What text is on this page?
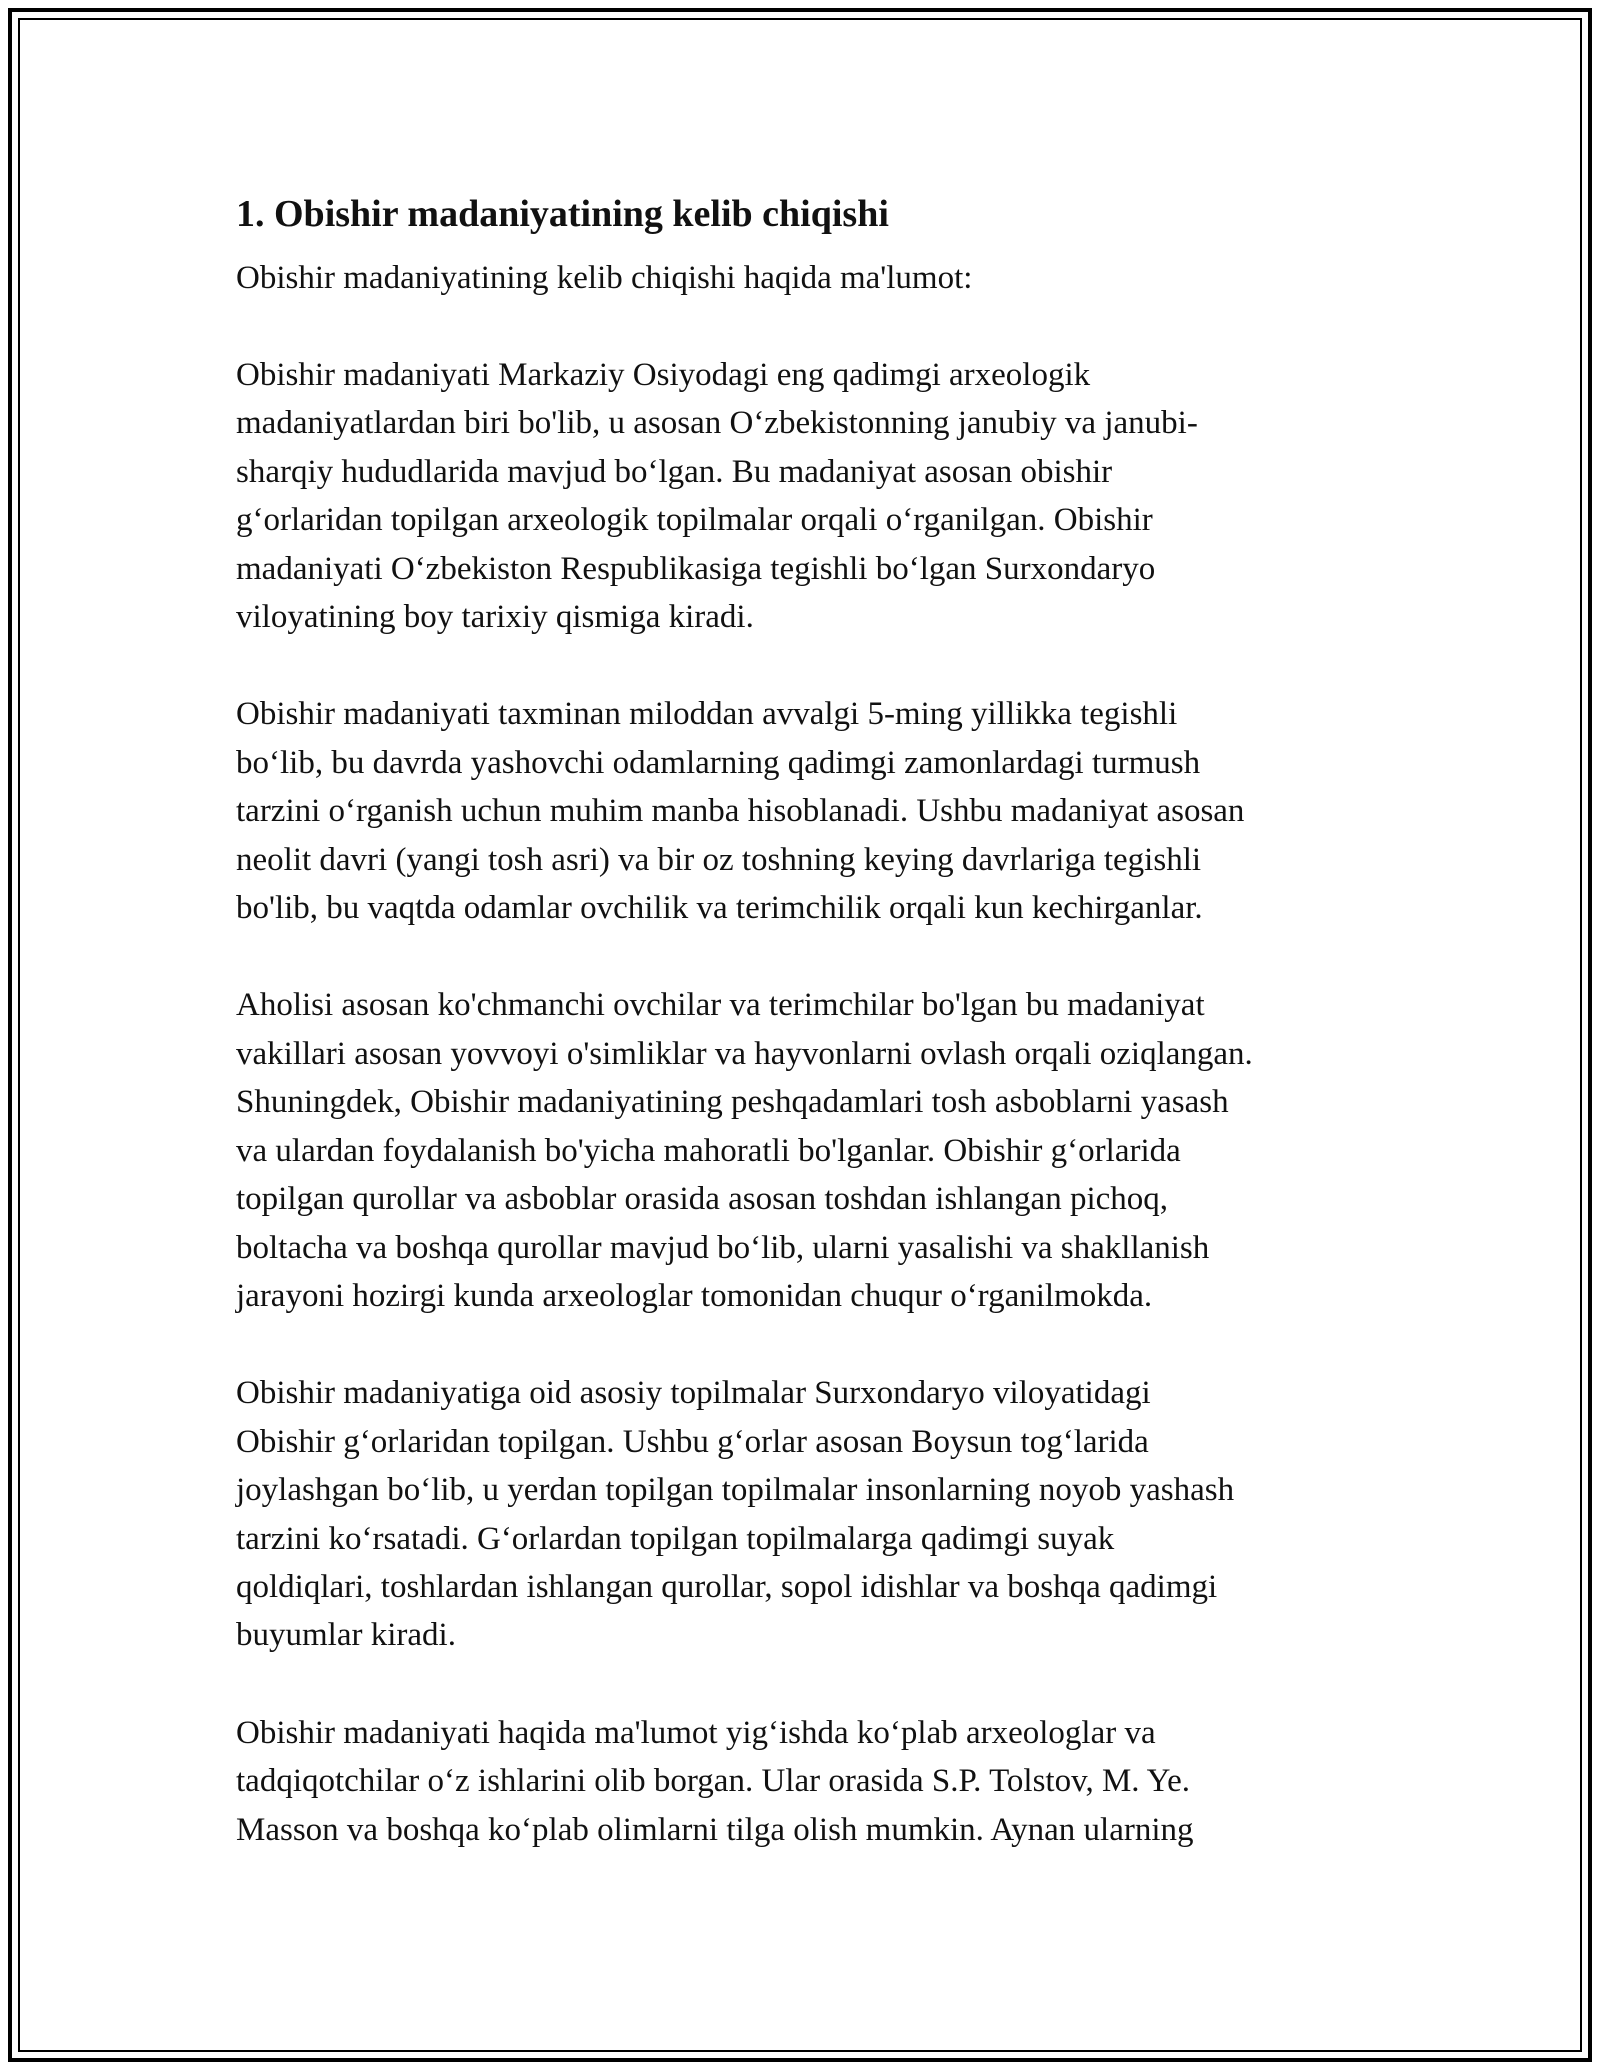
1. Obishir madaniyatining kelib chiqishi

Obishir madaniyatining kelib chiqishi haqida ma'lumot:

Obishir madaniyati Markaziy Osiyodagi eng qadimgi arxeologik
madaniyatlardan biri bo'lib, u asosan O‘zbekistonning janubiy va janubi-
sharqiy hududlarida mavjud bo‘lgan. Bu madaniyat asosan obishir
g‘orlaridan topilgan arxeologik topilmalar orqali o‘rganilgan. Obishir
madaniyati O‘zbekiston Respublikasiga tegishli bo‘lgan Surxondaryo
viloyatining boy tarixiy qismiga kiradi.

Obishir madaniyati taxminan miloddan avvalgi 5-ming yillikka tegishli
bo‘lib, bu davrda yashovchi odamlarning qadimgi zamonlardagi turmush
tarzini o‘rganish uchun muhim manba hisoblanadi. Ushbu madaniyat asosan
neolit davri (yangi tosh asri) va bir oz toshning keying davrlariga tegishli
bo'lib, bu vaqtda odamlar ovchilik va terimchilik orqali kun kechirganlar.

Aholisi asosan ko'chmanchi ovchilar va terimchilar bo'lgan bu madaniyat
vakillari asosan yovvoyi o'simliklar va hayvonlarni ovlash orqali oziqlangan.
Shuningdek, Obishir madaniyatining peshqadamlari tosh asboblarni yasash
va ulardan foydalanish bo'yicha mahoratli bo'lganlar. Obishir g‘orlarida
topilgan qurollar va asboblar orasida asosan toshdan ishlangan pichoq,
boltacha va boshqa qurollar mavjud bo‘lib, ularni yasalishi va shakllanish
jarayoni hozirgi kunda arxeologlar tomonidan chuqur o‘rganilmokda.

Obishir madaniyatiga oid asosiy topilmalar Surxondaryo viloyatidagi
Obishir g‘orlaridan topilgan. Ushbu g‘orlar asosan Boysun tog‘larida
joylashgan bo‘lib, u yerdan topilgan topilmalar insonlarning noyob yashash
tarzini ko‘rsatadi. G‘orlardan topilgan topilmalarga qadimgi suyak
qoldiqlari, toshlardan ishlangan qurollar, sopol idishlar va boshqa qadimgi
buyumlar kiradi.

Obishir madaniyati haqida ma'lumot yig‘ishda ko‘plab arxeologlar va
tadqiqotchilar o‘z ishlarini olib borgan. Ular orasida S.P. Tolstov, M. Ye.
Masson va boshqa ko‘plab olimlarni tilga olish mumkin. Aynan ularning
